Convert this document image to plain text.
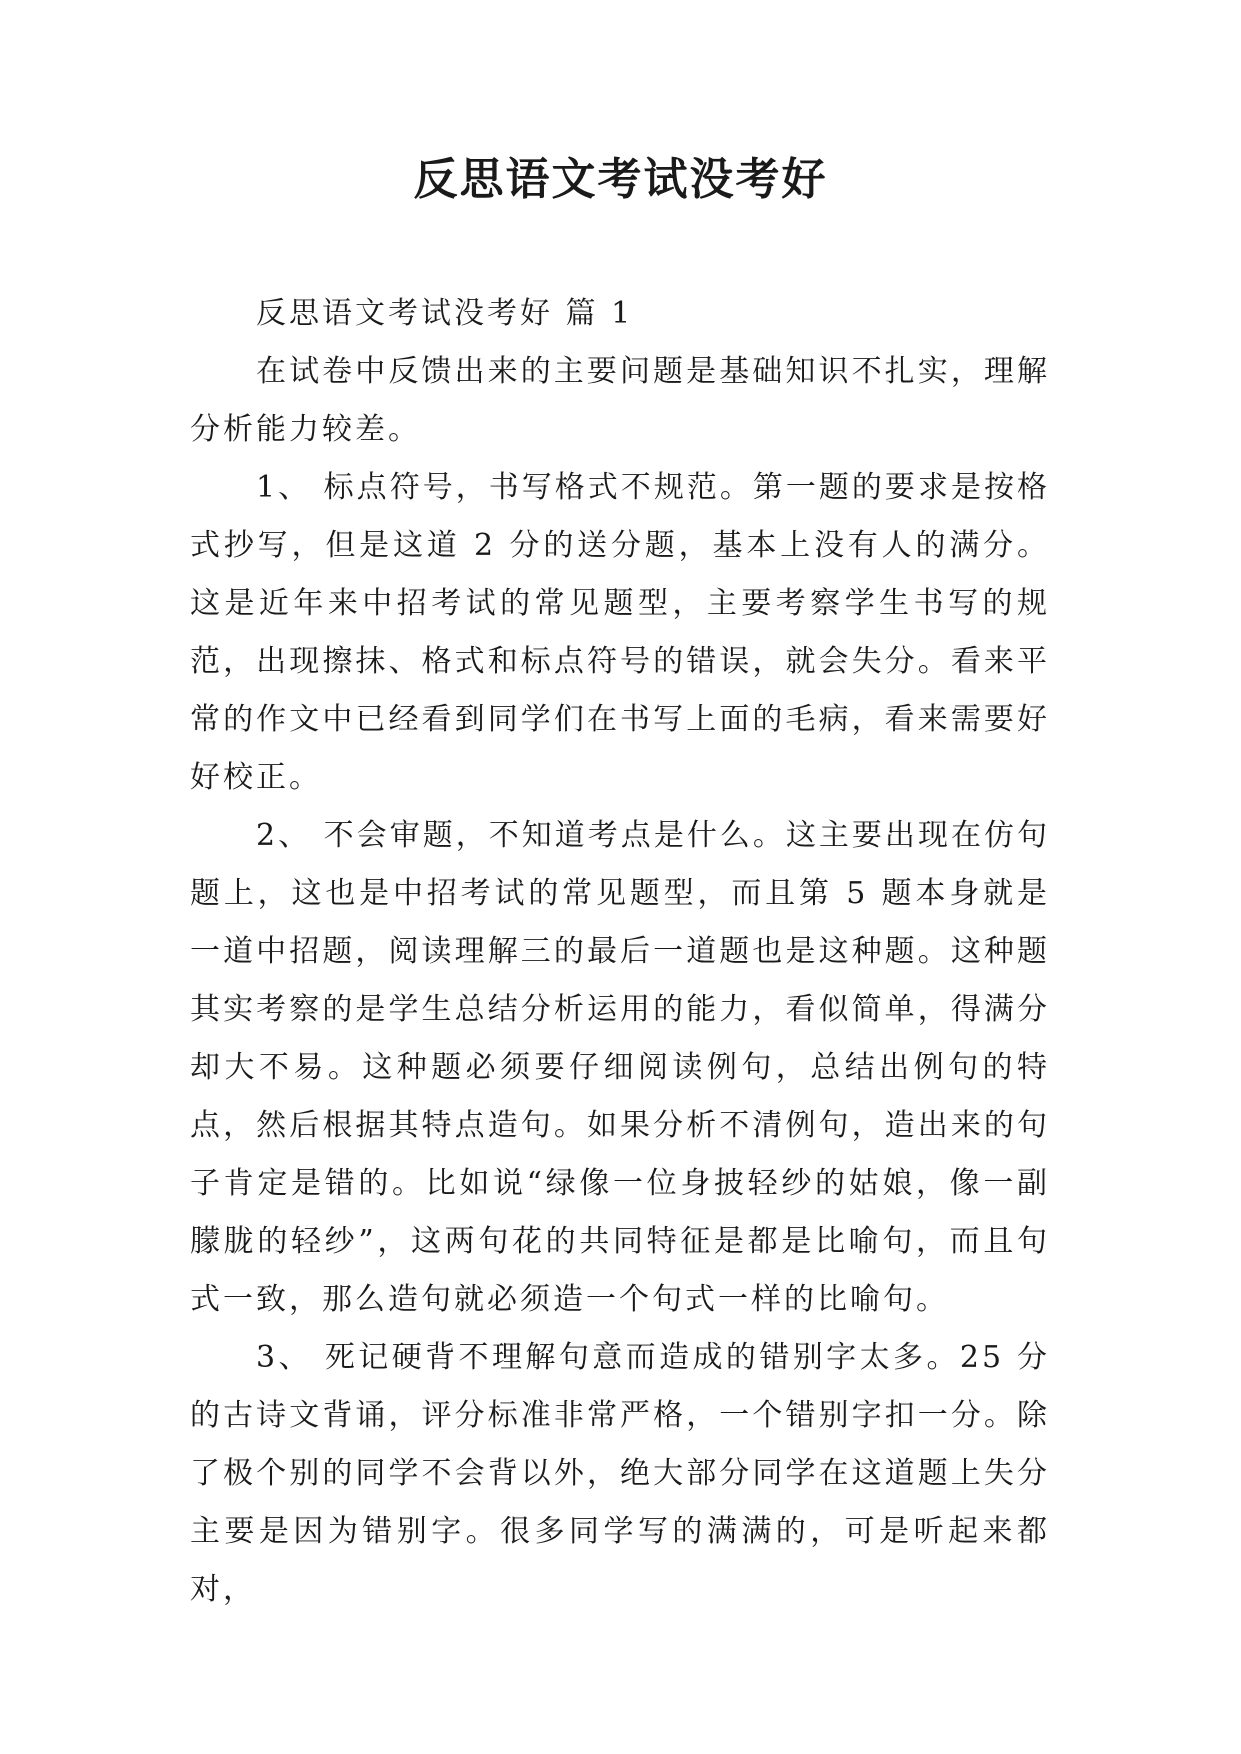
反思语文考试没考好

反思语文考试没考好 篇 1

在试卷中反馈出来的主要问题是基础知识不扎实，理解分析能力较差。

1、 标点符号，书写格式不规范。第一题的要求是按格式抄写，但是这道 2 分的送分题，基本上没有人的满分。这是近年来中招考试的常见题型，主要考察学生书写的规范，出现擦抹、格式和标点符号的错误，就会失分。看来平常的作文中已经看到同学们在书写上面的毛病，看来需要好好校正。

2、 不会审题，不知道考点是什么。这主要出现在仿句题上，这也是中招考试的常见题型，而且第 5 题本身就是一道中招题，阅读理解三的最后一道题也是这种题。这种题其实考察的是学生总结分析运用的能力，看似简单，得满分却大不易。这种题必须要仔细阅读例句，总结出例句的特点，然后根据其特点造句。如果分析不清例句，造出来的句子肯定是错的。比如说“绿像一位身披轻纱的姑娘，像一副朦胧的轻纱”，这两句花的共同特征是都是比喻句，而且句式一致，那么造句就必须造一个句式一样的比喻句。

3、 死记硬背不理解句意而造成的错别字太多。25 分的古诗文背诵，评分标准非常严格，一个错别字扣一分。除了极个别的同学不会背以外，绝大部分同学在这道题上失分主要是因为错别字。很多同学写的满满的，可是听起来都对，
